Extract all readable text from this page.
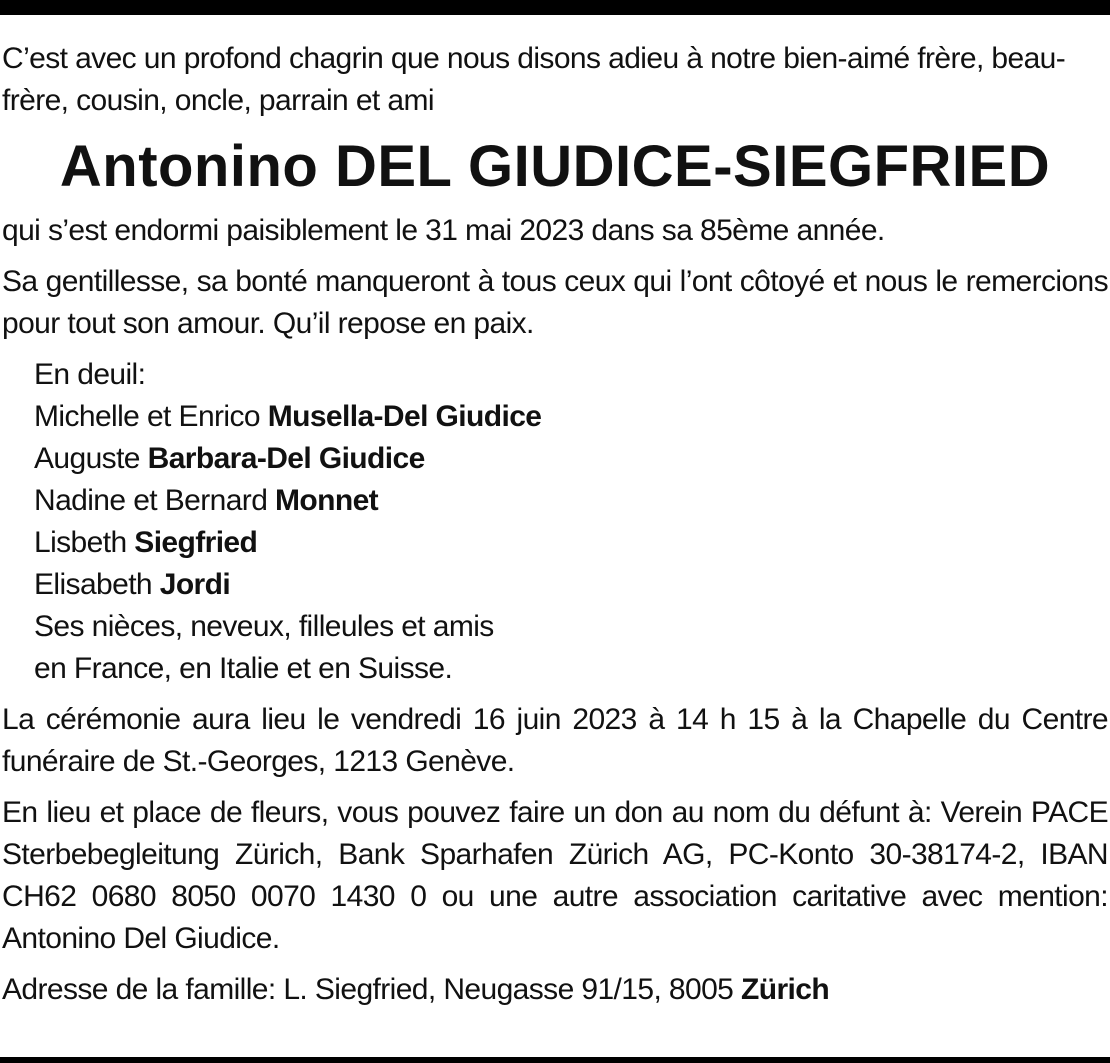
C’est avec un profond chagrin que nous disons adieu à notre bien-aimé frère, beau-frère, cousin, oncle, parrain et ami

Antonino DEL GIUDICE-SIEGFRIED

qui s’est endormi paisiblement le 31 mai 2023 dans sa 85ème année.

Sa gentillesse, sa bonté manqueront à tous ceux qui l’ont côtoyé et nous le remercions pour tout son amour. Qu’il repose en paix.

En deuil:
Michelle et Enrico Musella-Del Giudice
Auguste Barbara-Del Giudice
Nadine et Bernard Monnet
Lisbeth Siegfried
Elisabeth Jordi
Ses nièces, neveux, filleules et amis
en France, en Italie et en Suisse.

La cérémonie aura lieu le vendredi 16 juin 2023 à 14 h 15 à la Chapelle du Centre funéraire de St.-Georges, 1213 Genève.

En lieu et place de fleurs, vous pouvez faire un don au nom du défunt à: Verein PACE Sterbebegleitung Zürich, Bank Sparhafen Zürich AG, PC-Konto 30-38174-2, IBAN CH62 0680 8050 0070 1430 0 ou une autre association caritative avec mention: Antonino Del Giudice.

Adresse de la famille: L. Siegfried, Neugasse 91/15, 8005 Zürich
